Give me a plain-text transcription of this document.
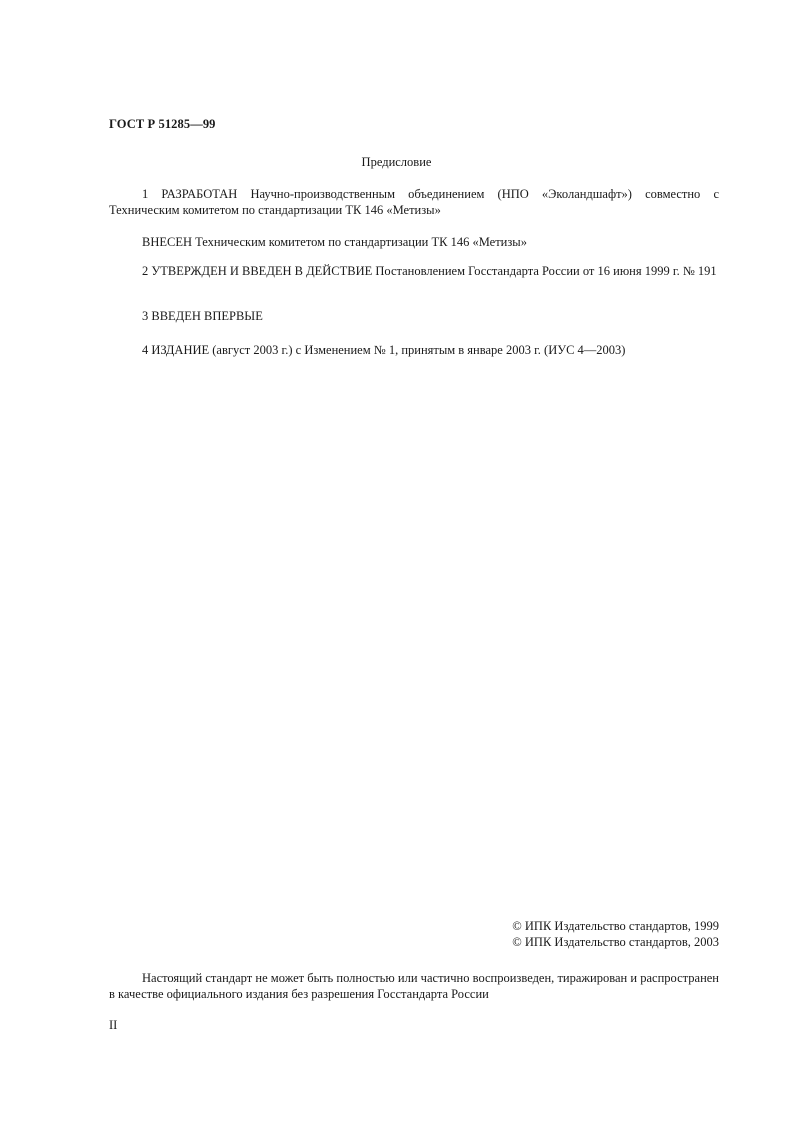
ГОСТ Р 51285—99
Предисловие

1 РАЗРАБОТАН Научно-производственным объединением (НПО «Эколандшафт») совместно с Техническим комитетом по стандартизации ТК 146 «Метизы»

ВНЕСЕН Техническим комитетом по стандартизации ТК 146 «Метизы»

2 УТВЕРЖДЕН И ВВЕДЕН В ДЕЙСТВИЕ Постановлением Госстандарта России от 16 июня 1999 г. № 191

3 ВВЕДЕН ВПЕРВЫЕ

4 ИЗДАНИЕ (август 2003 г.) с Изменением № 1, принятым в январе 2003 г. (ИУС 4—2003)

© ИПК Издательство стандартов, 1999
© ИПК Издательство стандартов, 2003

Настоящий стандарт не может быть полностью или частично воспроизведен, тиражирован и распространен в качестве официального издания без разрешения Госстандарта России

II
